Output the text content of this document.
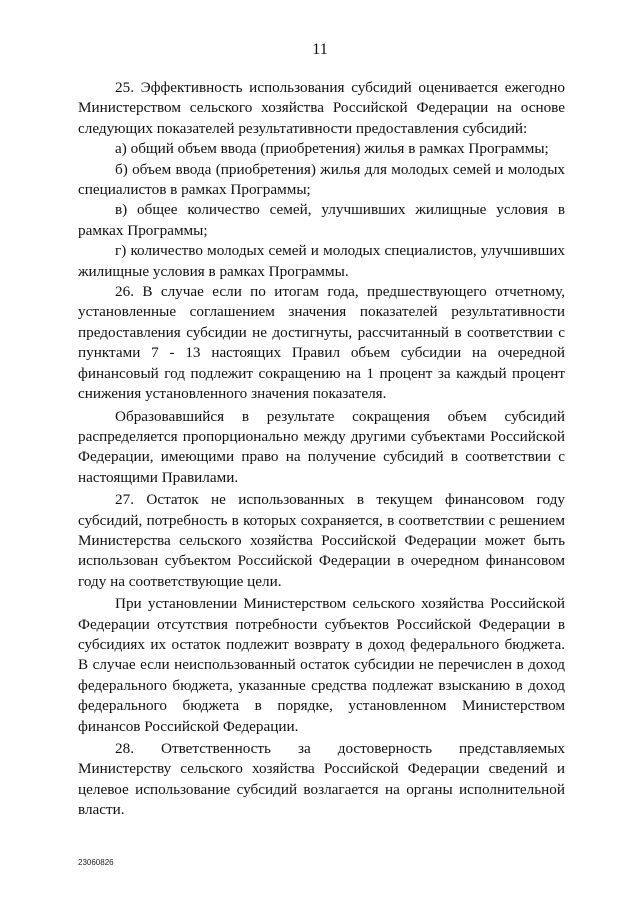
11

25. Эффективность использования субсидий оценивается ежегодно Министерством сельского хозяйства Российской Федерации на основе следующих показателей результативности предоставления субсидий:

а) общий объем ввода (приобретения) жилья в рамках Программы;

б) объем ввода (приобретения) жилья для молодых семей и молодых специалистов в рамках Программы;

в) общее количество семей, улучшивших жилищные условия в рамках Программы;

г) количество молодых семей и молодых специалистов, улучшивших жилищные условия в рамках Программы.

26. В случае если по итогам года, предшествующего отчетному, установленные соглашением значения показателей результативности предоставления субсидии не достигнуты, рассчитанный в соответствии с пунктами 7 - 13 настоящих Правил объем субсидии на очередной финансовый год подлежит сокращению на 1 процент за каждый процент снижения установленного значения показателя.

Образовавшийся в результате сокращения объем субсидий распределяется пропорционально между другими субъектами Российской Федерации, имеющими право на получение субсидий в соответствии с настоящими Правилами.

27. Остаток не использованных в текущем финансовом году субсидий, потребность в которых сохраняется, в соответствии с решением Министерства сельского хозяйства Российской Федерации может быть использован субъектом Российской Федерации в очередном финансовом году на соответствующие цели.

При установлении Министерством сельского хозяйства Российской Федерации отсутствия потребности субъектов Российской Федерации в субсидиях их остаток подлежит возврату в доход федерального бюджета. В случае если неиспользованный остаток субсидии не перечислен в доход федерального бюджета, указанные средства подлежат взысканию в доход федерального бюджета в порядке, установленном Министерством финансов Российской Федерации.

28. Ответственность за достоверность представляемых Министерству сельского хозяйства Российской Федерации сведений и целевое использование субсидий возлагается на органы исполнительной власти.

23060826
